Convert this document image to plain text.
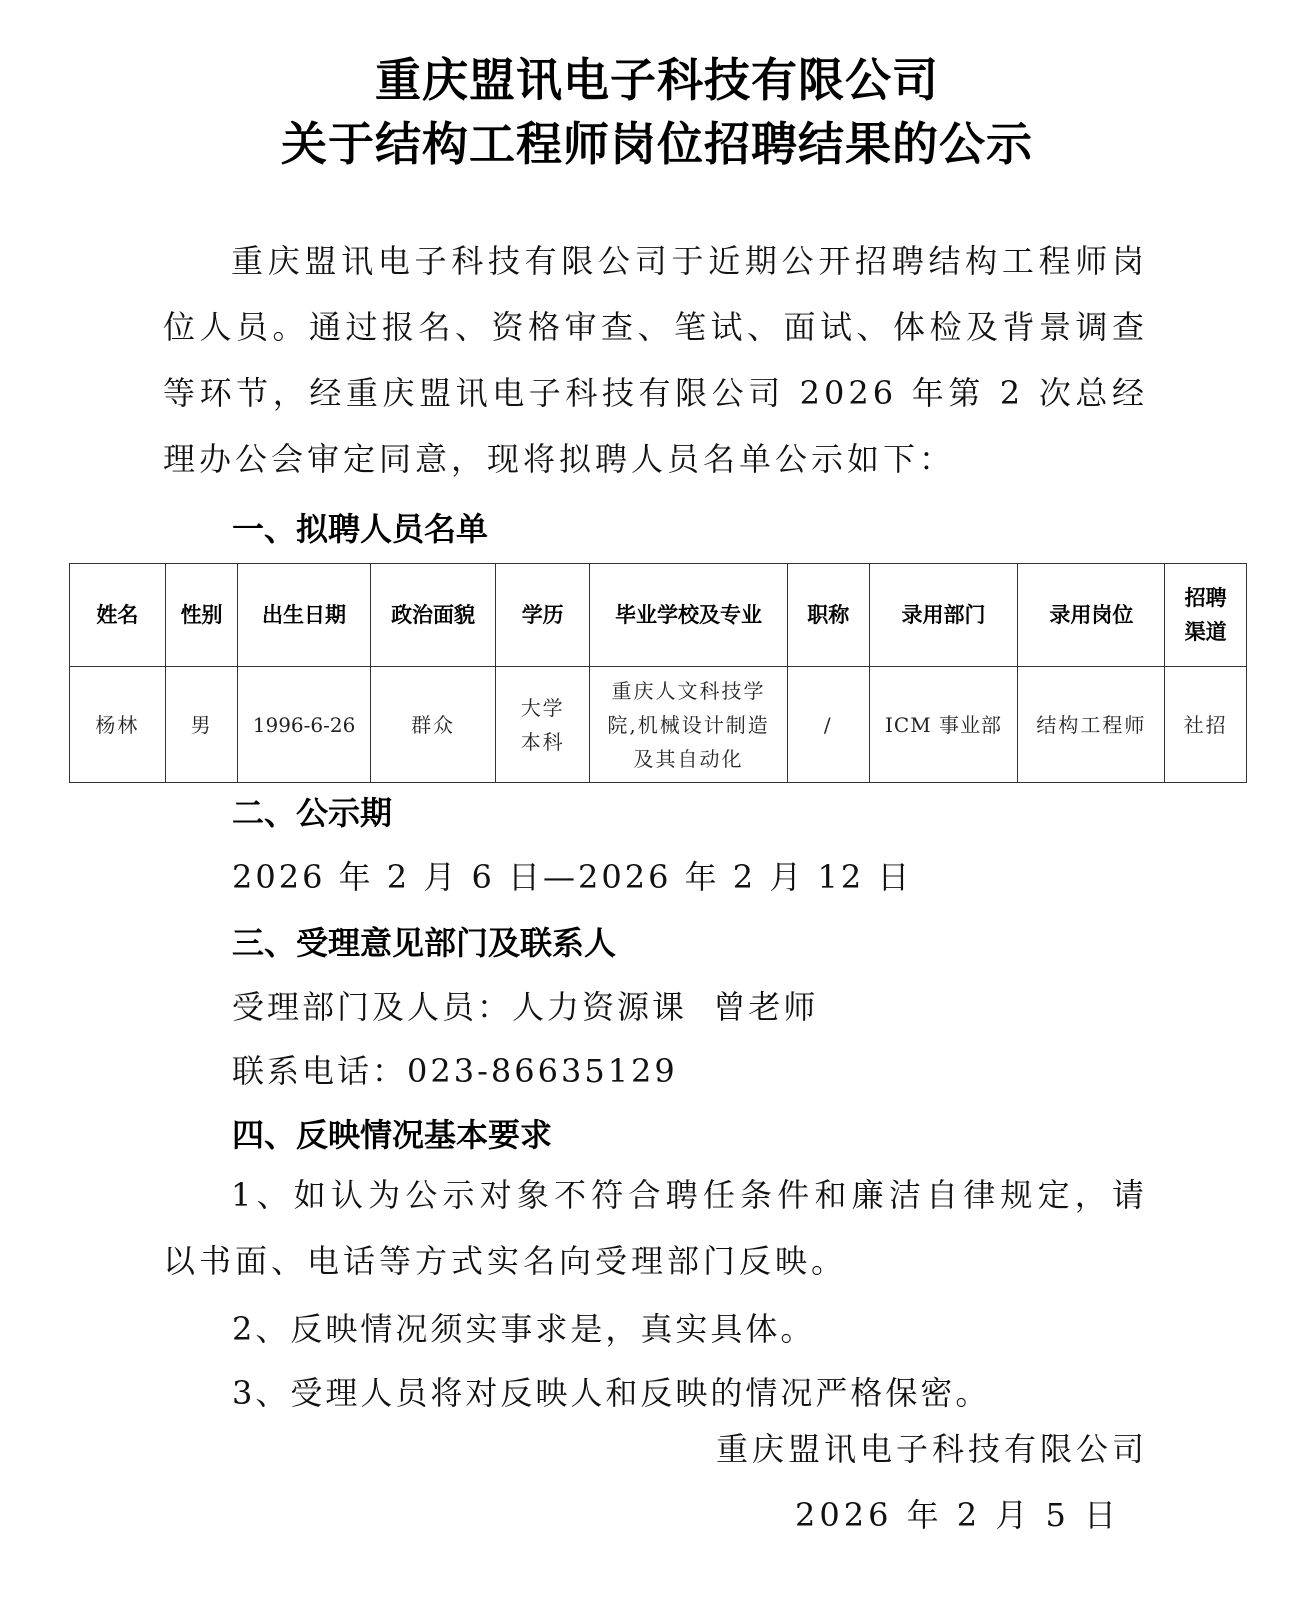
重庆盟讯电子科技有限公司
关于结构工程师岗位招聘结果的公示

重庆盟讯电子科技有限公司于近期公开招聘结构工程师岗位人员。通过报名、资格审查、笔试、面试、体检及背景调查等环节，经重庆盟讯电子科技有限公司 2026 年第 2 次总经理办公会审定同意，现将拟聘人员名单公示如下：

一、拟聘人员名单
姓名	性别	出生日期	政治面貌	学历	毕业学校及专业	职称	录用部门	录用岗位	招聘渠道
杨林	男	1996-6-26	群众	大学本科	重庆人文科技学院,机械设计制造及其自动化	/	ICM 事业部	结构工程师	社招
二、公示期
2026 年 2 月 6 日—2026 年 2 月 12 日
三、受理意见部门及联系人
受理部门及人员：人力资源课  曾老师
联系电话：023-86635129
四、反映情况基本要求

1、如认为公示对象不符合聘任条件和廉洁自律规定，请以书面、电话等方式实名向受理部门反映。

2、反映情况须实事求是，真实具体。
3、受理人员将对反映人和反映的情况严格保密。
重庆盟讯电子科技有限公司
2026 年 2 月 5 日
